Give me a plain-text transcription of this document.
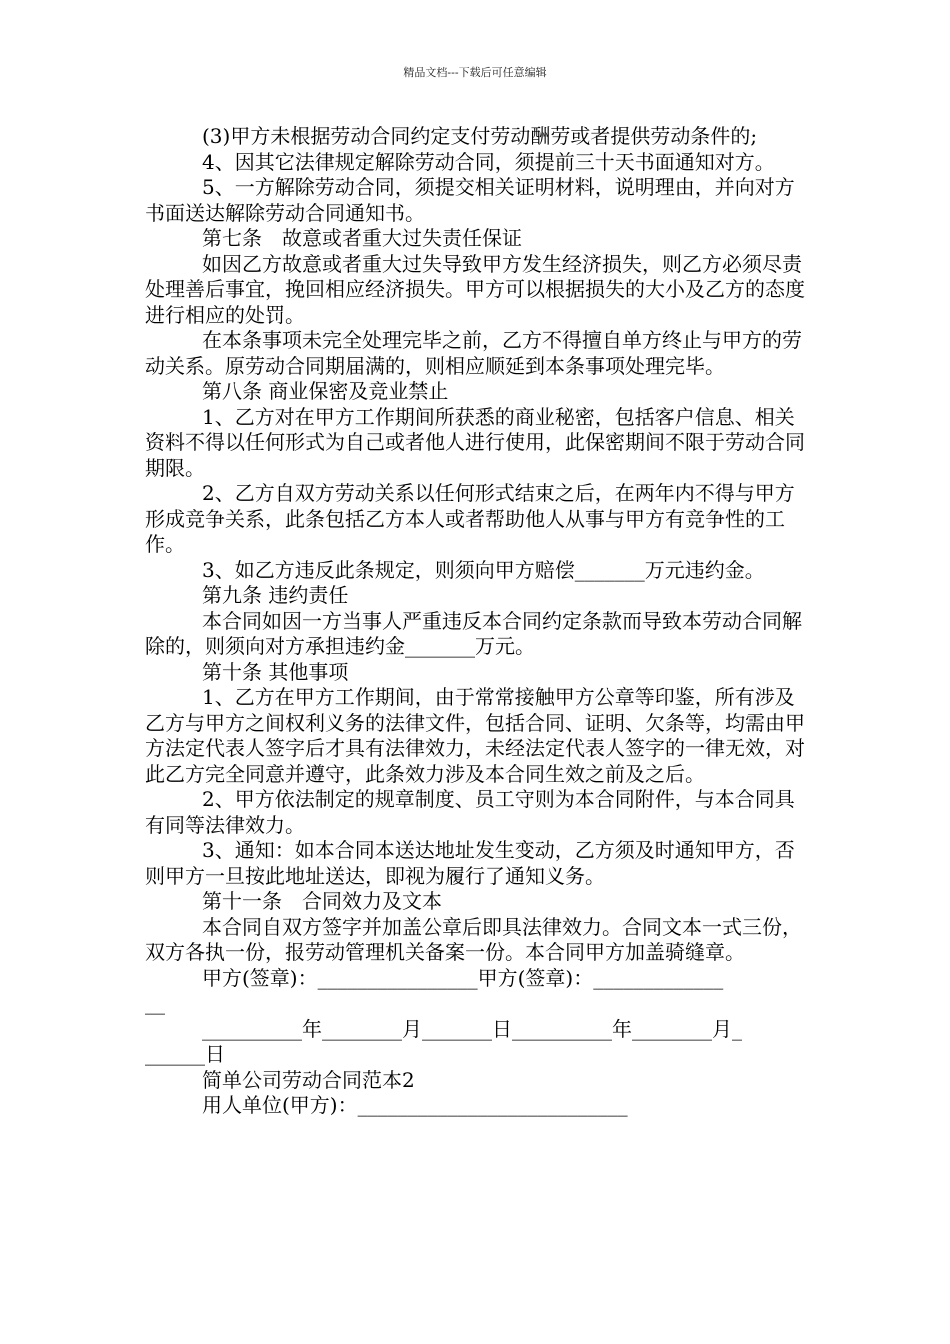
精品文档---下载后可任意编辑

(3)甲方未根据劳动合同约定支付劳动酬劳或者提供劳动条件的;

4、因其它法律规定解除劳动合同，须提前三十天书面通知对方。

5、一方解除劳动合同，须提交相关证明材料，说明理由，并向对方书面送达解除劳动合同通知书。

第七条　故意或者重大过失责任保证

如因乙方故意或者重大过失导致甲方发生经济损失，则乙方必须尽责处理善后事宜，挽回相应经济损失。甲方可以根据损失的大小及乙方的态度进行相应的处罚。

在本条事项未完全处理完毕之前，乙方不得擅自单方终止与甲方的劳动关系。原劳动合同期届满的，则相应顺延到本条事项处理完毕。

第八条 商业保密及竞业禁止

1、乙方对在甲方工作期间所获悉的商业秘密，包括客户信息、相关资料不得以任何形式为自己或者他人进行使用，此保密期间不限于劳动合同期限。

2、乙方自双方劳动关系以任何形式结束之后，在两年内不得与甲方形成竞争关系，此条包括乙方本人或者帮助他人从事与甲方有竞争性的工作。

3、如乙方违反此条规定，则须向甲方赔偿_______万元违约金。

第九条 违约责任

本合同如因一方当事人严重违反本合同约定条款而导致本劳动合同解除的，则须向对方承担违约金_______万元。

第十条 其他事项

1、乙方在甲方工作期间，由于常常接触甲方公章等印鉴，所有涉及乙方与甲方之间权利义务的法律文件，包括合同、证明、欠条等，均需由甲方法定代表人签字后才具有法律效力，未经法定代表人签字的一律无效，对此乙方完全同意并遵守，此条效力涉及本合同生效之前及之后。

2、甲方依法制定的规章制度、员工守则为本合同附件，与本合同具有同等法律效力。

3、通知：如本合同本送达地址发生变动，乙方须及时通知甲方，否则甲方一旦按此地址送达，即视为履行了通知义务。

第十一条　合同效力及文本

本合同自双方签字并加盖公章后即具法律效力。合同文本一式三份，双方各执一份，报劳动管理机关备案一份。本合同甲方加盖骑缝章。

甲方(签章)：________________甲方(签章)：_____________

__

__________年________月_______日__________年________月_

______日

简单公司劳动合同范本2

用人单位(甲方)：___________________________
